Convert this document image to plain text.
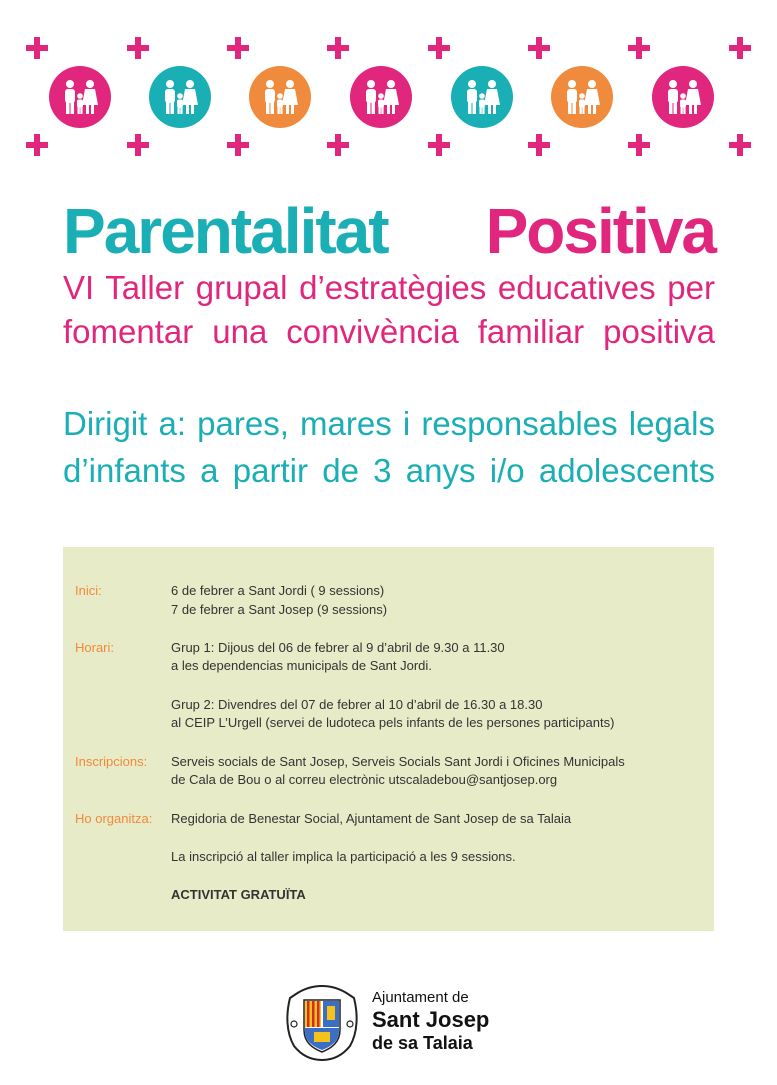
Parentalitat Positiva
VI Taller grupal d’estratègies educatives per
fomentar una convivència familiar positiva
Dirigit a: pares, mares i responsables legals
d’infants a partir de 3 anys i/o adolescents
Inici:	6 de febrer a Sant Jordi ( 9 sessions)
7 de febrer a Sant Josep (9 sessions)
Horari:	Grup 1: Dijous del 06 de febrer al 9 d’abril de 9.30 a 11.30
a les dependencias municipals de Sant Jordi.
Grup 2: Divendres del 07 de febrer al 10 d’abril de 16.30 a 18.30
al CEIP L’Urgell (servei de ludoteca pels infants de les persones participants)
Inscripcions: Serveis socials de Sant Josep, Serveis Socials Sant Jordi i Oficines Municipals
de Cala de Bou o al correu electrònic utscaladebou@santjosep.org
Ho organitza: Regidoria de Benestar Social, Ajuntament de Sant Josep de sa Talaia
La inscripció al taller implica la participació a les 9 sessions.
ACTIVITAT GRATUÏTA
Ajuntament de
Sant Josep
de sa Talaia
